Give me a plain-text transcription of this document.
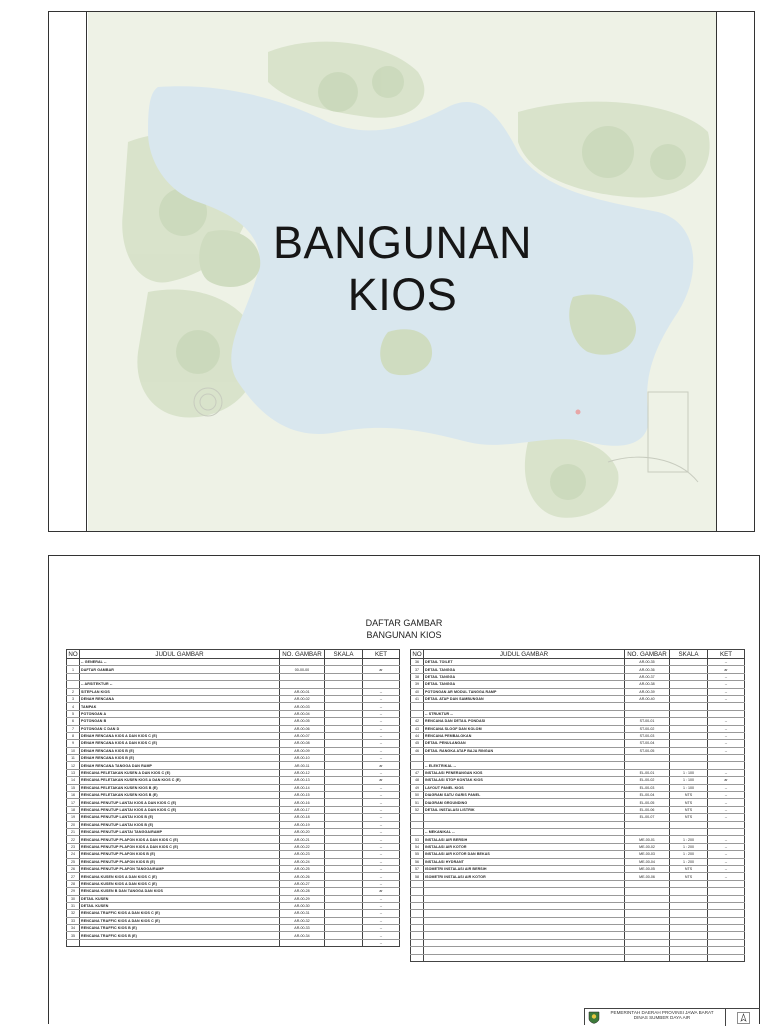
BANGUNAN
KIOS
DAFTAR GAMBAR
BANGUNAN KIOS
NO	JUDUL GAMBAR	NO. GAMBAR	SKALA	KET
	-- GENERAL --			
1	DAFTAR GAMBAR	00-00-00		ar

	-- ARSITEKTUR --			
2	SITEPLAN KIOS	AR-00-01		--
3	DENAH RENCANA	AR-00-02		--
4	TAMPAK	AR-00-03		--
5	POTONGAN A	AR-00-04		--
6	POTONGAN B	AR-00-05		--
7	POTONGAN C DAN D	AR-00-06		--
8	DENAH RENCANA KIOS A DAN KIOS C (E)	AR-00-07		--
9	DENAH RENCANA KIOS A DAN KIOS C (E)	AR-00-08		--
10	DENAH RENCANA KIOS B (E)	AR-00-09		--
11	DENAH RENCANA KIOS B (E)	AR-00-10		--
12	DENAH RENCANA TANGGA DAN RAMP	AR-00-11		ar
13	RENCANA PELETAKAN KUSEN A DAN KIOS C (E)	AR-00-12		--
14	RENCANA PELETAKAN KUSEN KIOS A DAN KIOS C (E)	AR-00-13		ar
15	RENCANA PELETAKAN KUSEN KIOS B (E)	AR-00-14		--
16	RENCANA PELETAKAN KUSEN KIOS B (E)	AR-00-15		--
17	RENCANA PENUTUP LANTAI KIOS A DAN KIOS C (E)	AR-00-16		--
18	RENCANA PENUTUP LANTAI KIOS A DAN KIOS C (E)	AR-00-17		--
19	RENCANA PENUTUP LANTAI KIOS B (E)	AR-00-18		--
20	RENCANA PENUTUP LANTAI KIOS B (E)	AR-00-19		--
21	RENCANA PENUTUP LANTAI TANGGA/RAMP	AR-00-20		--
22	RENCANA PENUTUP PLAFON KIOS A DAN KIOS C (E)	AR-00-21		--
23	RENCANA PENUTUP PLAFON KIOS A DAN KIOS C (E)	AR-00-22		--
24	RENCANA PENUTUP PLAFON KIOS B (E)	AR-00-23		--
25	RENCANA PENUTUP PLAFON KIOS B (E)	AR-00-24		--
26	RENCANA PENUTUP PLAFON TANGGA/RAMP	AR-00-25		--
27	RENCANA KUSEN KIOS A DAN KIOS C (E)	AR-00-26		--
28	RENCANA KUSEN KIOS A DAN KIOS C (E)	AR-00-27		--
29	RENCANA KUSEN B DAN TANGGA DAN KIOS	AR-00-28		ar
30	DETAIL KUSEN	AR-00-29		--
31	DETAIL KUSEN	AR-00-30		--
32	RENCANA TRAFFIC KIOS A DAN KIOS C (E)	AR-00-31		--
33	RENCANA TRAFFIC KIOS A DAN KIOS C (E)	AR-00-32		--
34	RENCANA TRAFFIC KIOS B (E)	AR-00-33		--
35	RENCANA TRAFFIC KIOS B (E)	AR-00-34		--
				--
NO	JUDUL GAMBAR	NO. GAMBAR	SKALA	KET
36	DETAIL TOILET	AR-00-35		--
37	DETAIL TANGGA	AR-00-36		ar
38	DETAIL TANGGA	AR-00-37		--
39	DETAIL TANGGA	AR-00-38		--
40	POTONGAN AR MODUL TANGGA RAMP	AR-00-39		--
41	DETAIL ATAP DAN SAMBUNGAN	AR-00-40		--

	-- STRUKTUR --			
42	RENCANA DAN DETAIL PONDASI	ST-00-01		--
43	RENCANA SLOOF DAN KOLOM	ST-00-02		--
44	RENCANA PEMBALOKAN	ST-00-03		--
45	DETAIL PENULANGAN	ST-00-04		--
46	DETAIL RANGKA ATAP BAJA RINGAN	ST-00-05		--

	-- ELEKTRIKAL --			
47	INSTALASI PENERANGAN KIOS	EL-00-01	1 : 100	--
48	INSTALASI STOP KONTAK KIOS	EL-00-02	1 : 100	ar
49	LAYOUT PANEL KIOS	EL-00-03	1 : 100	--
50	DIAGRAM SATU GARIS PANEL	EL-00-04	NTS	--
51	DIAGRAM GROUNDING	EL-00-05	NTS	--
52	DETAIL INSTALASI LISTRIK	EL-00-06	NTS	--
		EL-00-07	NTS	--

	-- MEKANIKAL --			
53	INSTALASI AIR BERSIH	ME-00-01	1 : 200	--
54	INSTALASI AIR KOTOR	ME-00-02	1 : 200	--
55	INSTALASI AIR KOTOR DAN BEKAS	ME-00-03	1 : 200	--
56	INSTALASI HYDRANT	ME-00-04	1 : 200	--
57	ISOMETRI INSTALASI AIR BERSIH	ME-00-05	NTS	--
58	ISOMETRI INSTALASI AIR KOTOR	ME-00-06	NTS	--

PEMERINTAH DAERAH PROVINSI JAWA BARAT
DINAS SUMBER DAYA AIR
